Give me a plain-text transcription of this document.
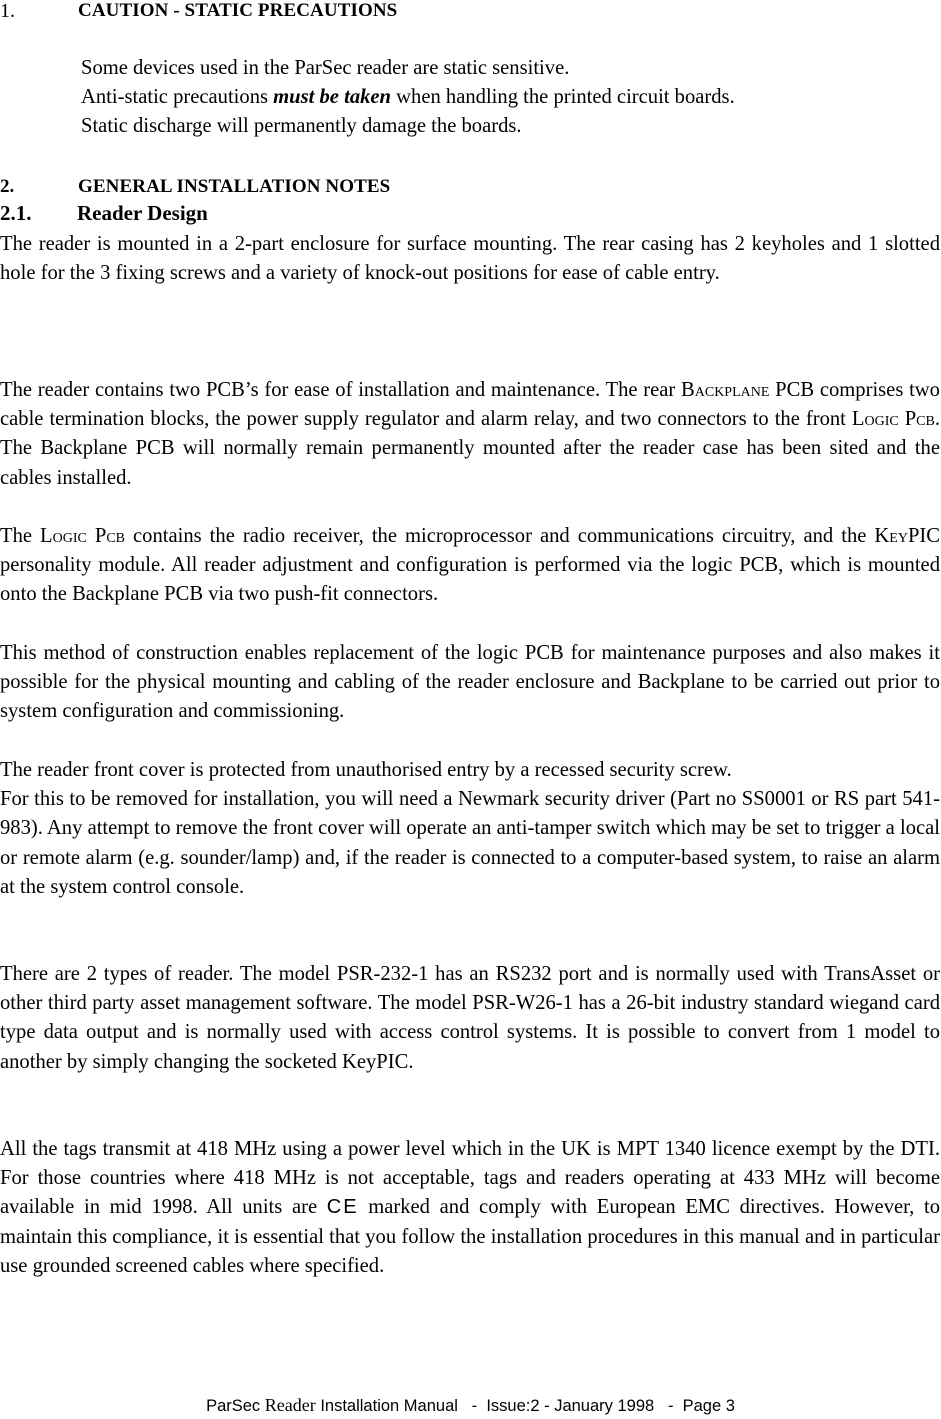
1.	CAUTION - STATIC PRECAUTIONS
Some devices used in the ParSec reader are static sensitive.
Anti-static precautions must be taken when handling the printed circuit boards.
Static discharge will permanently damage the boards.
2.	GENERAL INSTALLATION NOTES
2.1. Reader Design

The reader is mounted in a 2-part enclosure for surface mounting. The rear casing has 2 keyholes and 1 slotted hole for the 3 fixing screws and a variety of knock-out positions for ease of cable entry.

The reader contains two PCB’s for ease of installation and maintenance. The rear Backplane PCB comprises two cable termination blocks, the power supply regulator and alarm relay, and two connectors to the front Logic Pcb. The Backplane PCB will normally remain permanently mounted after the reader case has been sited and the cables installed.

The Logic Pcb contains the radio receiver, the microprocessor and communications circuitry, and the KeyPIC personality module. All reader adjustment and configuration is performed via the logic PCB, which is mounted onto the Backplane PCB via two push-fit connectors.

This method of construction enables replacement of the logic PCB for maintenance purposes and also makes it possible for the physical mounting and cabling of the reader enclosure and Backplane to be carried out prior to system configuration and commissioning.

The reader front cover is protected from unauthorised entry by a recessed security screw.
For this to be removed for installation, you will need a Newmark security driver (Part no SS0001 or RS part 541-983). Any attempt to remove the front cover will operate an anti-tamper switch which may be set to trigger a local or remote alarm (e.g. sounder/lamp) and, if the reader is connected to a computer-based system, to raise an alarm at the system control console.

There are 2 types of reader. The model PSR-232-1 has an RS232 port and is normally used with TransAsset or other third party asset management software. The model PSR-W26-1 has a 26-bit industry standard wiegand card type data output and is normally used with access control systems. It is possible to convert from 1 model to another by simply changing the socketed KeyPIC.

All the tags transmit at 418 MHz using a power level which in the UK is MPT 1340 licence exempt by the DTI. For those countries where 418 MHz is not acceptable, tags and readers operating at 433 MHz will become available in mid 1998. All units are CE marked and comply with European EMC directives. However, to maintain this compliance, it is essential that you follow the installation procedures in this manual and in particular use grounded screened cables where specified.

ParSec Reader Installation Manual   -  Issue:2 - January 1998   -  Page 3
